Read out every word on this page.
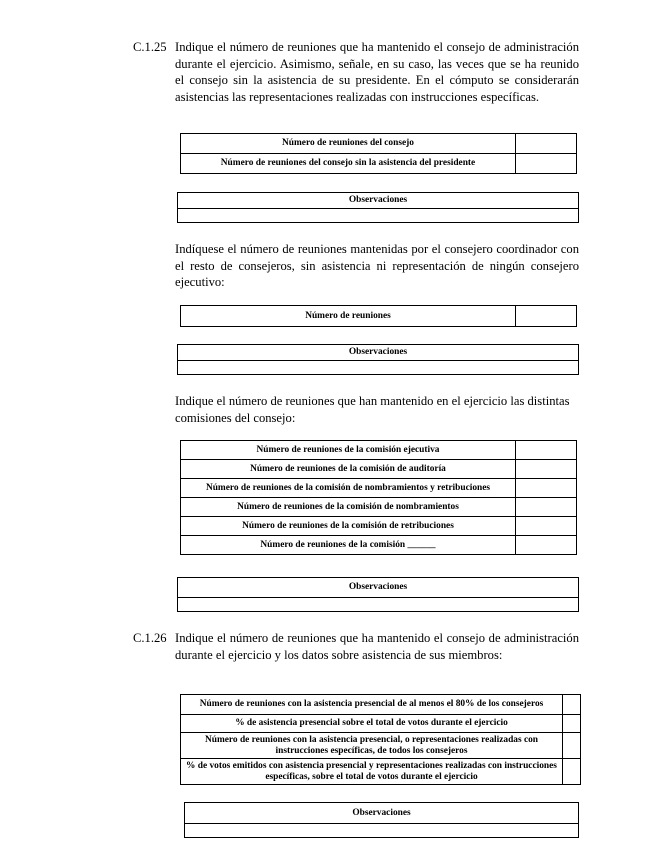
C.1.25 Indique el número de reuniones que ha mantenido el consejo de administración durante el ejercicio. Asimismo, señale, en su caso, las veces que se ha reunido el consejo sin la asistencia de su presidente. En el cómputo se considerarán asistencias las representaciones realizadas con instrucciones específicas.
Número de reuniones del consejo	
Número de reuniones del consejo sin la asistencia del presidente	
Observaciones

Indíquese el número de reuniones mantenidas por el consejero coordinador con el resto de consejeros, sin asistencia ni representación de ningún consejero ejecutivo:
Número de reuniones	
Observaciones

Indique el número de reuniones que han mantenido en el ejercicio las distintas comisiones del consejo:
Número de reuniones de la comisión ejecutiva	
Número de reuniones de la comisión de auditoría	
Número de reuniones de la comisión de nombramientos y retribuciones	
Número de reuniones de la comisión de nombramientos	
Número de reuniones de la comisión de retribuciones	
Número de reuniones de la comisión ______	
Observaciones

C.1.26 Indique el número de reuniones que ha mantenido el consejo de administración durante el ejercicio y los datos sobre asistencia de sus miembros:
Número de reuniones con la asistencia presencial de al menos el 80% de los consejeros	
% de asistencia presencial sobre el total de votos durante el ejercicio	
Número de reuniones con la asistencia presencial, o representaciones realizadas con instrucciones específicas, de todos los consejeros	
% de votos emitidos con asistencia presencial y representaciones realizadas con instrucciones específicas, sobre el total de votos durante el ejercicio	
Observaciones
